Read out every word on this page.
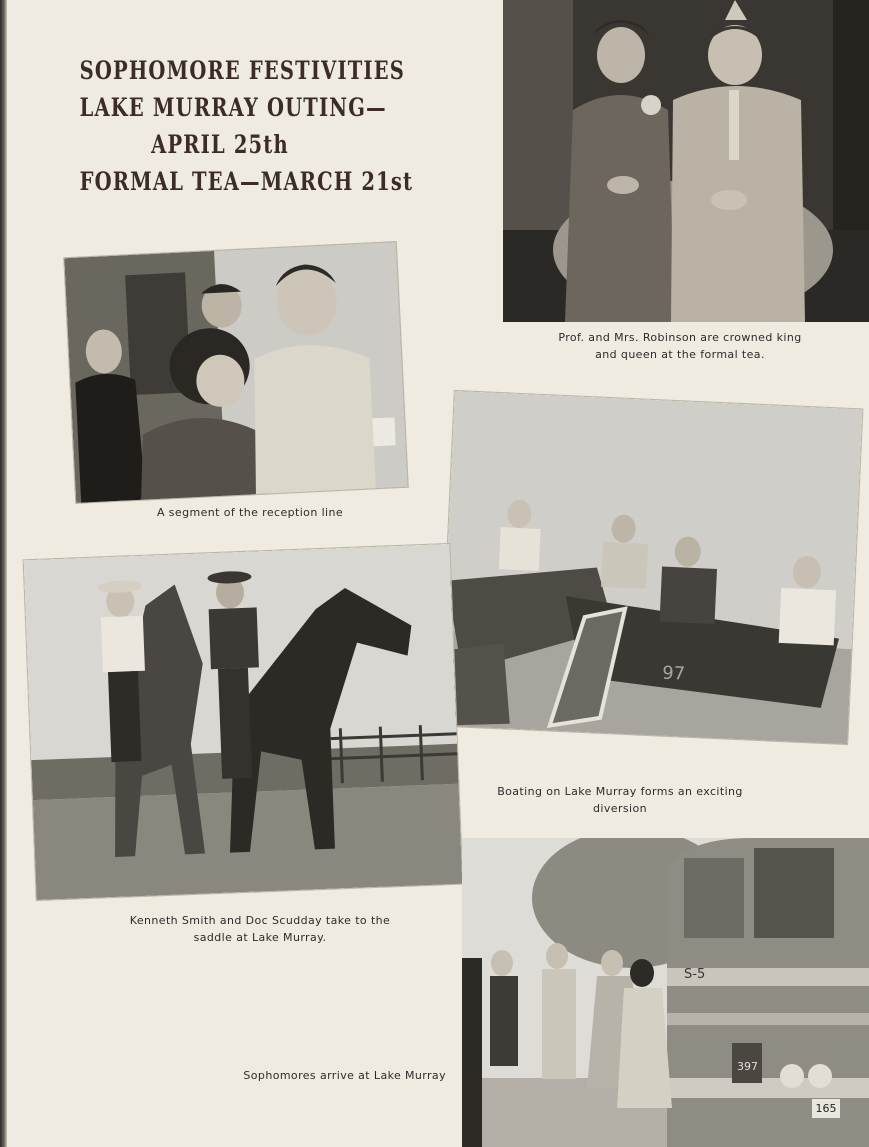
SOPHOMORE FESTIVITIES
LAKE MURRAY OUTING—
APRIL 25th
FORMAL TEA—MARCH 21st
Prof. and Mrs. Robinson are crowned king
and queen at the formal tea.
A segment of the reception line
97
Boating on Lake Murray forms an exciting diversion
Kenneth Smith and Doc Scudday take to the
saddle at Lake Murray.
S-5
397
Sophomores arrive at Lake Murray
165
